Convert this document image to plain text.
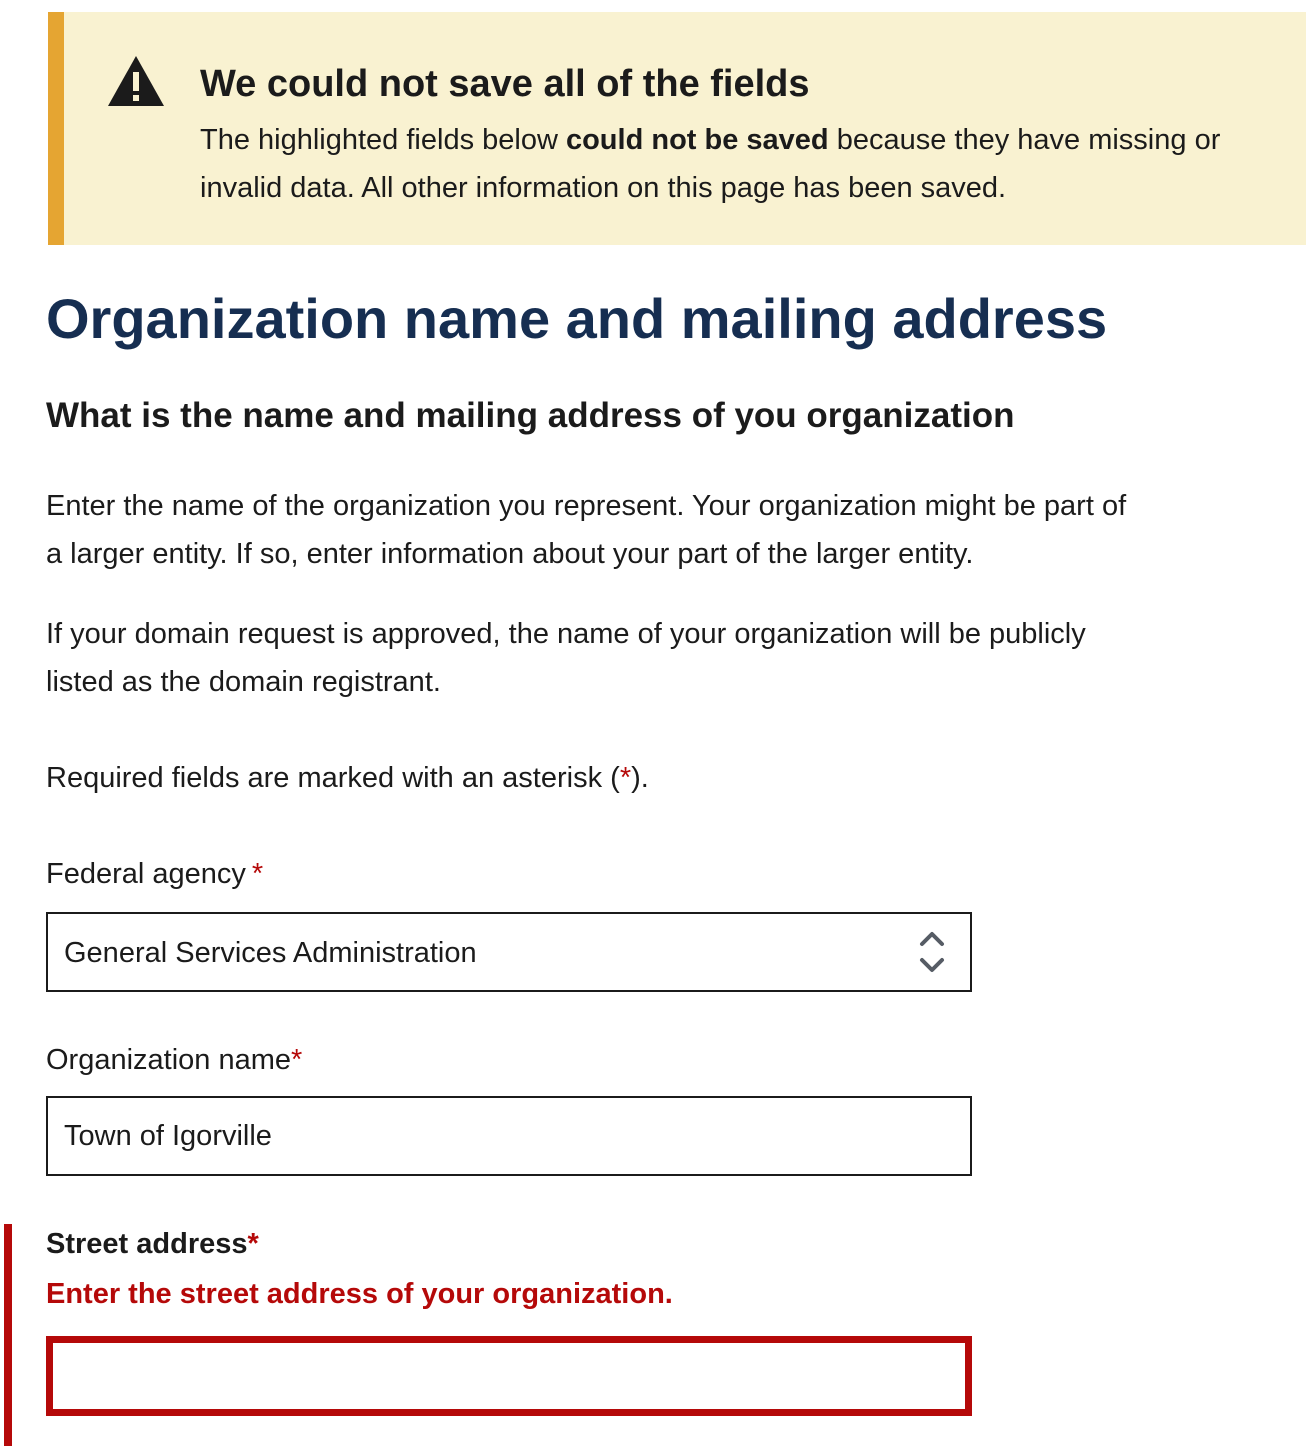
We could not save all of the fields

The highlighted fields below could not be saved because they have missing or invalid data. All other information on this page has been saved.

Organization name and mailing address
What is the name and mailing address of you organization

Enter the name of the organization you represent. Your organization might be part of a larger entity. If so, enter information about your part of the larger entity.

If your domain request is approved, the name of your organization will be publicly listed as the domain registrant.

Required fields are marked with an asterisk (*).

Federal agency *
General Services Administration
Organization name*
Town of Igorville
Street address*

Enter the street address of your organization.
